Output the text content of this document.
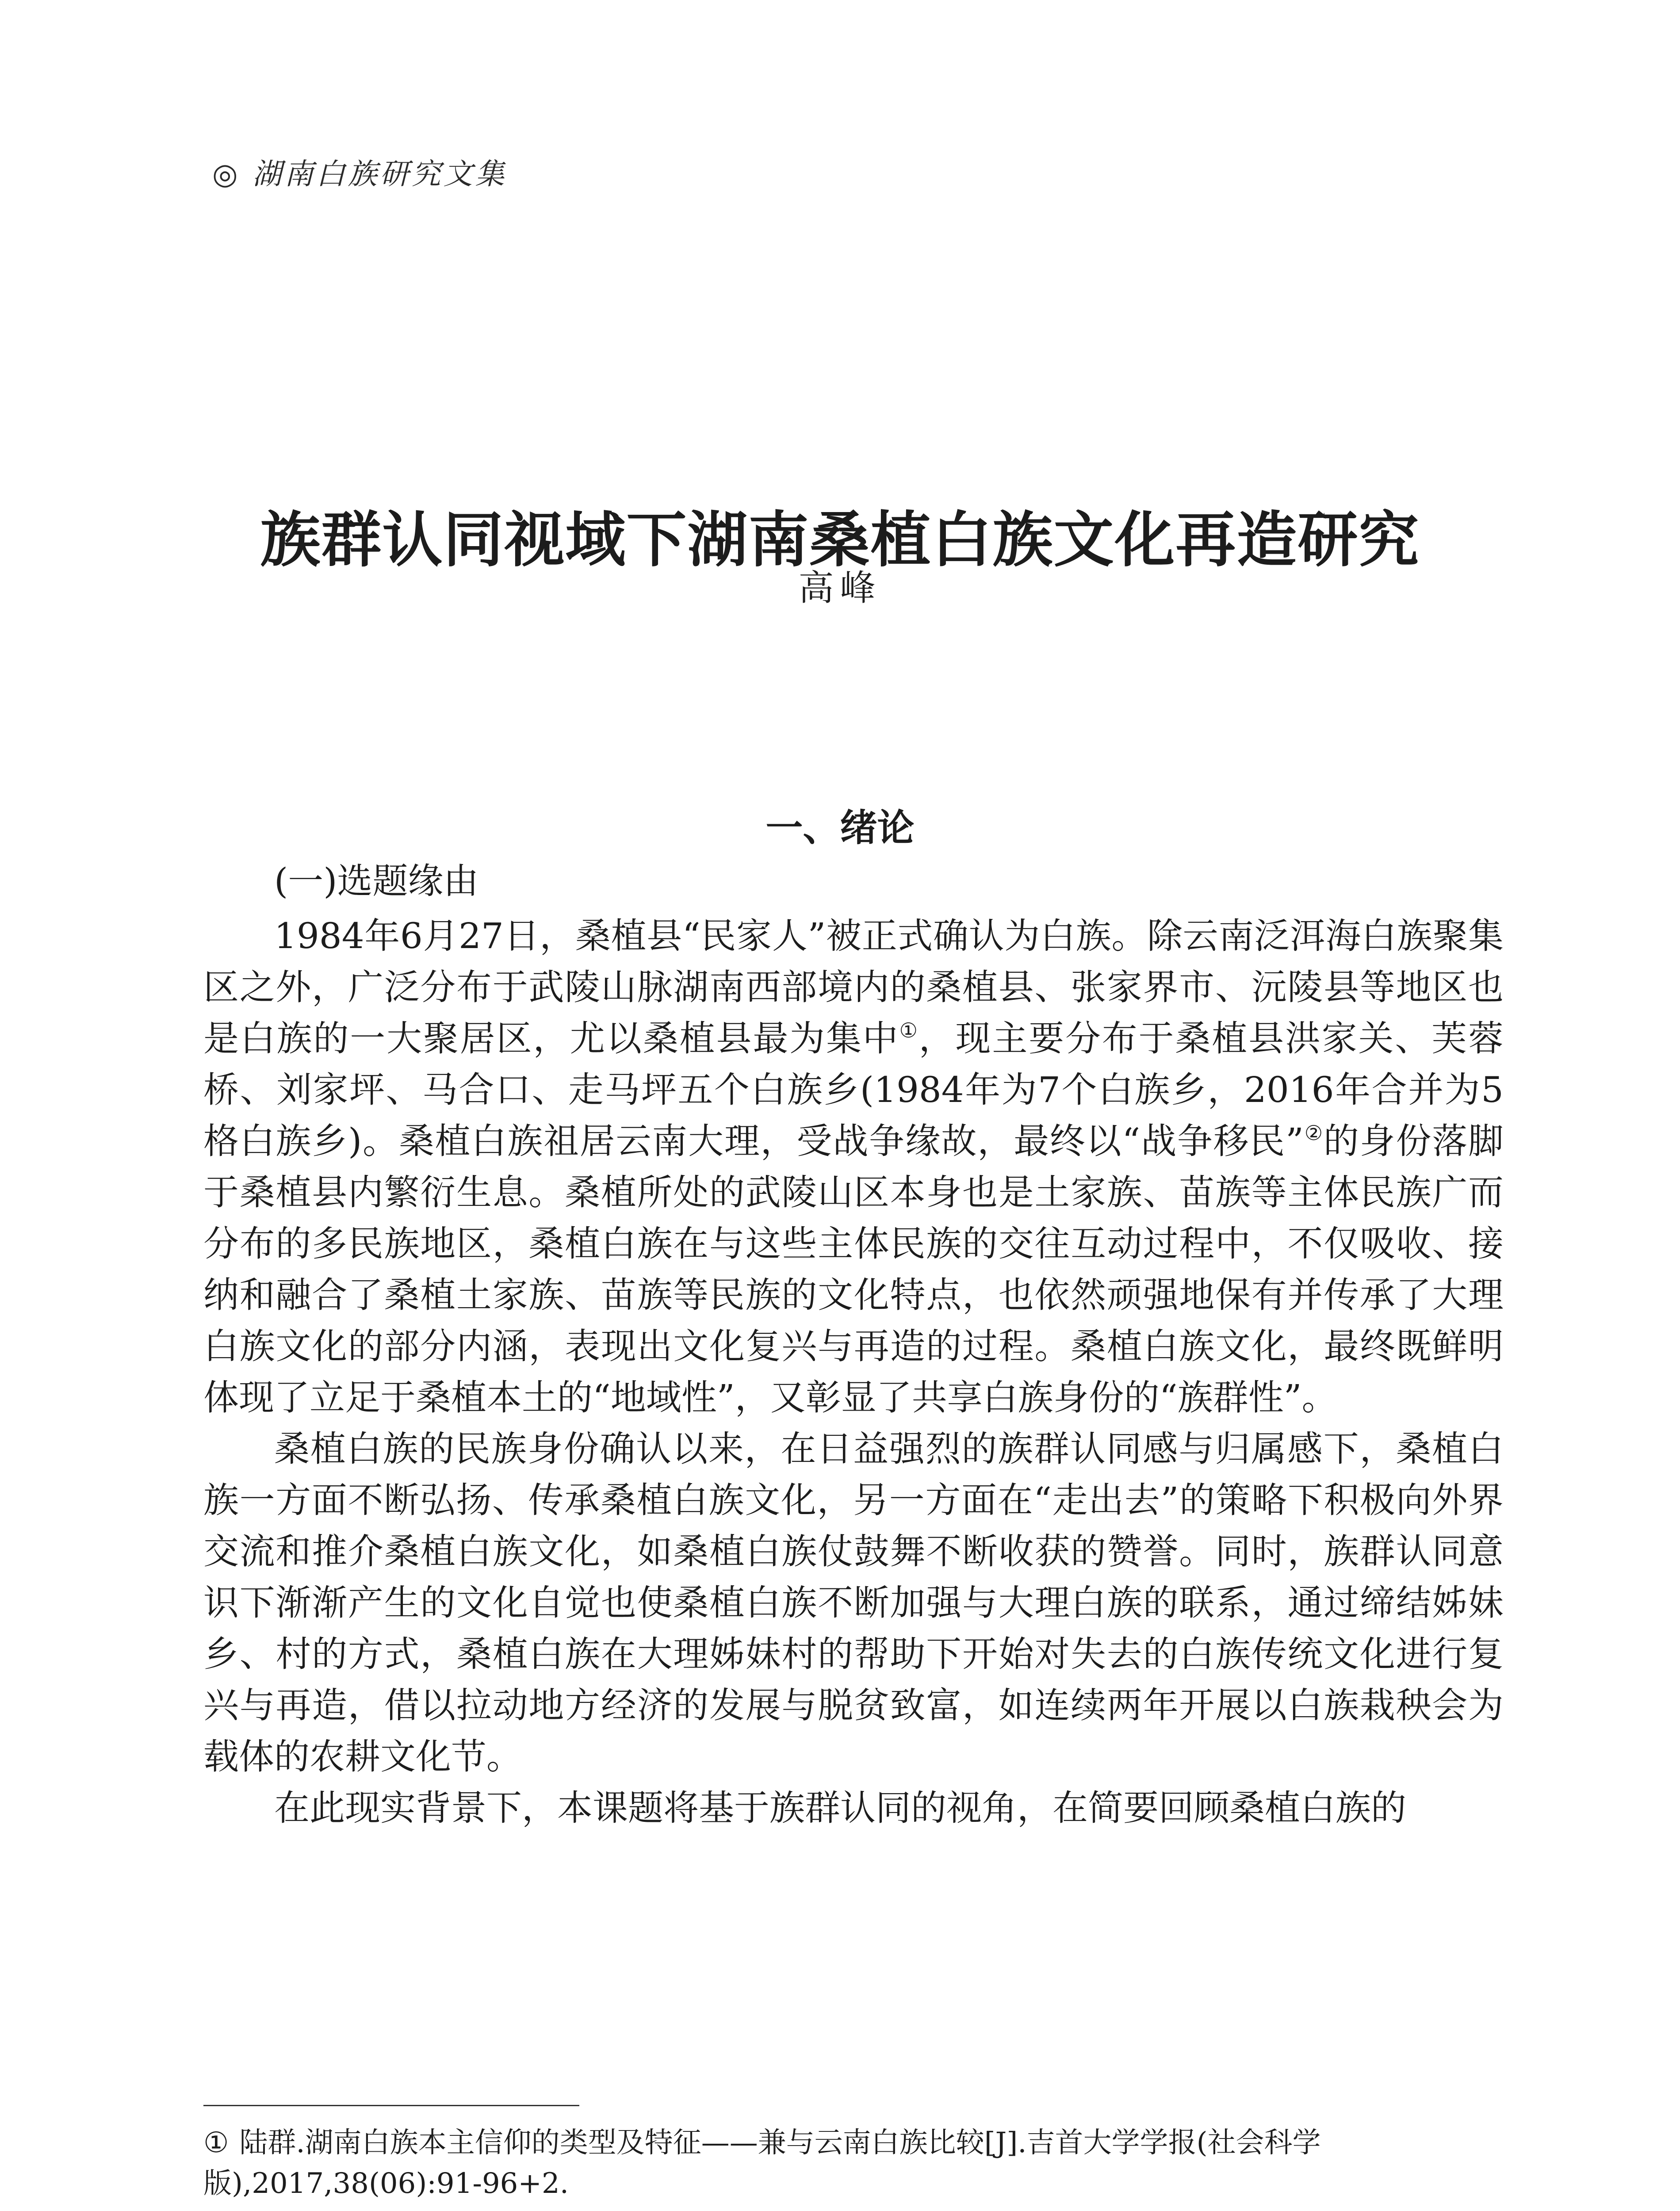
◎ 湖南白族研究文集
族群认同视域下湖南桑植白族文化再造研究
高峰
一、绪论

(一)选题缘由

1984年6月27日，桑植县“民家人”被正式确认为白族。除云南泛洱海白族聚集区之外，广泛分布于武陵山脉湖南西部境内的桑植县、张家界市、沅陵县等地区也是白族的一大聚居区，尤以桑植县最为集中①，现主要分布于桑植县洪家关、芙蓉桥、刘家坪、马合口、走马坪五个白族乡(1984年为7个白族乡，2016年合并为5格白族乡)。桑植白族祖居云南大理，受战争缘故，最终以“战争移民”②的身份落脚于桑植县内繁衍生息。桑植所处的武陵山区本身也是土家族、苗族等主体民族广而分布的多民族地区，桑植白族在与这些主体民族的交往互动过程中，不仅吸收、接纳和融合了桑植土家族、苗族等民族的文化特点，也依然顽强地保有并传承了大理白族文化的部分内涵，表现出文化复兴与再造的过程。桑植白族文化，最终既鲜明体现了立足于桑植本土的“地域性”，又彰显了共享白族身份的“族群性”。

桑植白族的民族身份确认以来，在日益强烈的族群认同感与归属感下，桑植白族一方面不断弘扬、传承桑植白族文化，另一方面在“走出去”的策略下积极向外界交流和推介桑植白族文化，如桑植白族仗鼓舞不断收获的赞誉。同时，族群认同意识下渐渐产生的文化自觉也使桑植白族不断加强与大理白族的联系，通过缔结姊妹乡、村的方式，桑植白族在大理姊妹村的帮助下开始对失去的白族传统文化进行复兴与再造，借以拉动地方经济的发展与脱贫致富，如连续两年开展以白族栽秧会为载体的农耕文化节。

在此现实背景下，本课题将基于族群认同的视角，在简要回顾桑植白族的

① 陆群.湖南白族本主信仰的类型及特征——兼与云南白族比较[J].吉首大学学报(社会科学版),2017,38(06):91-96+2.
